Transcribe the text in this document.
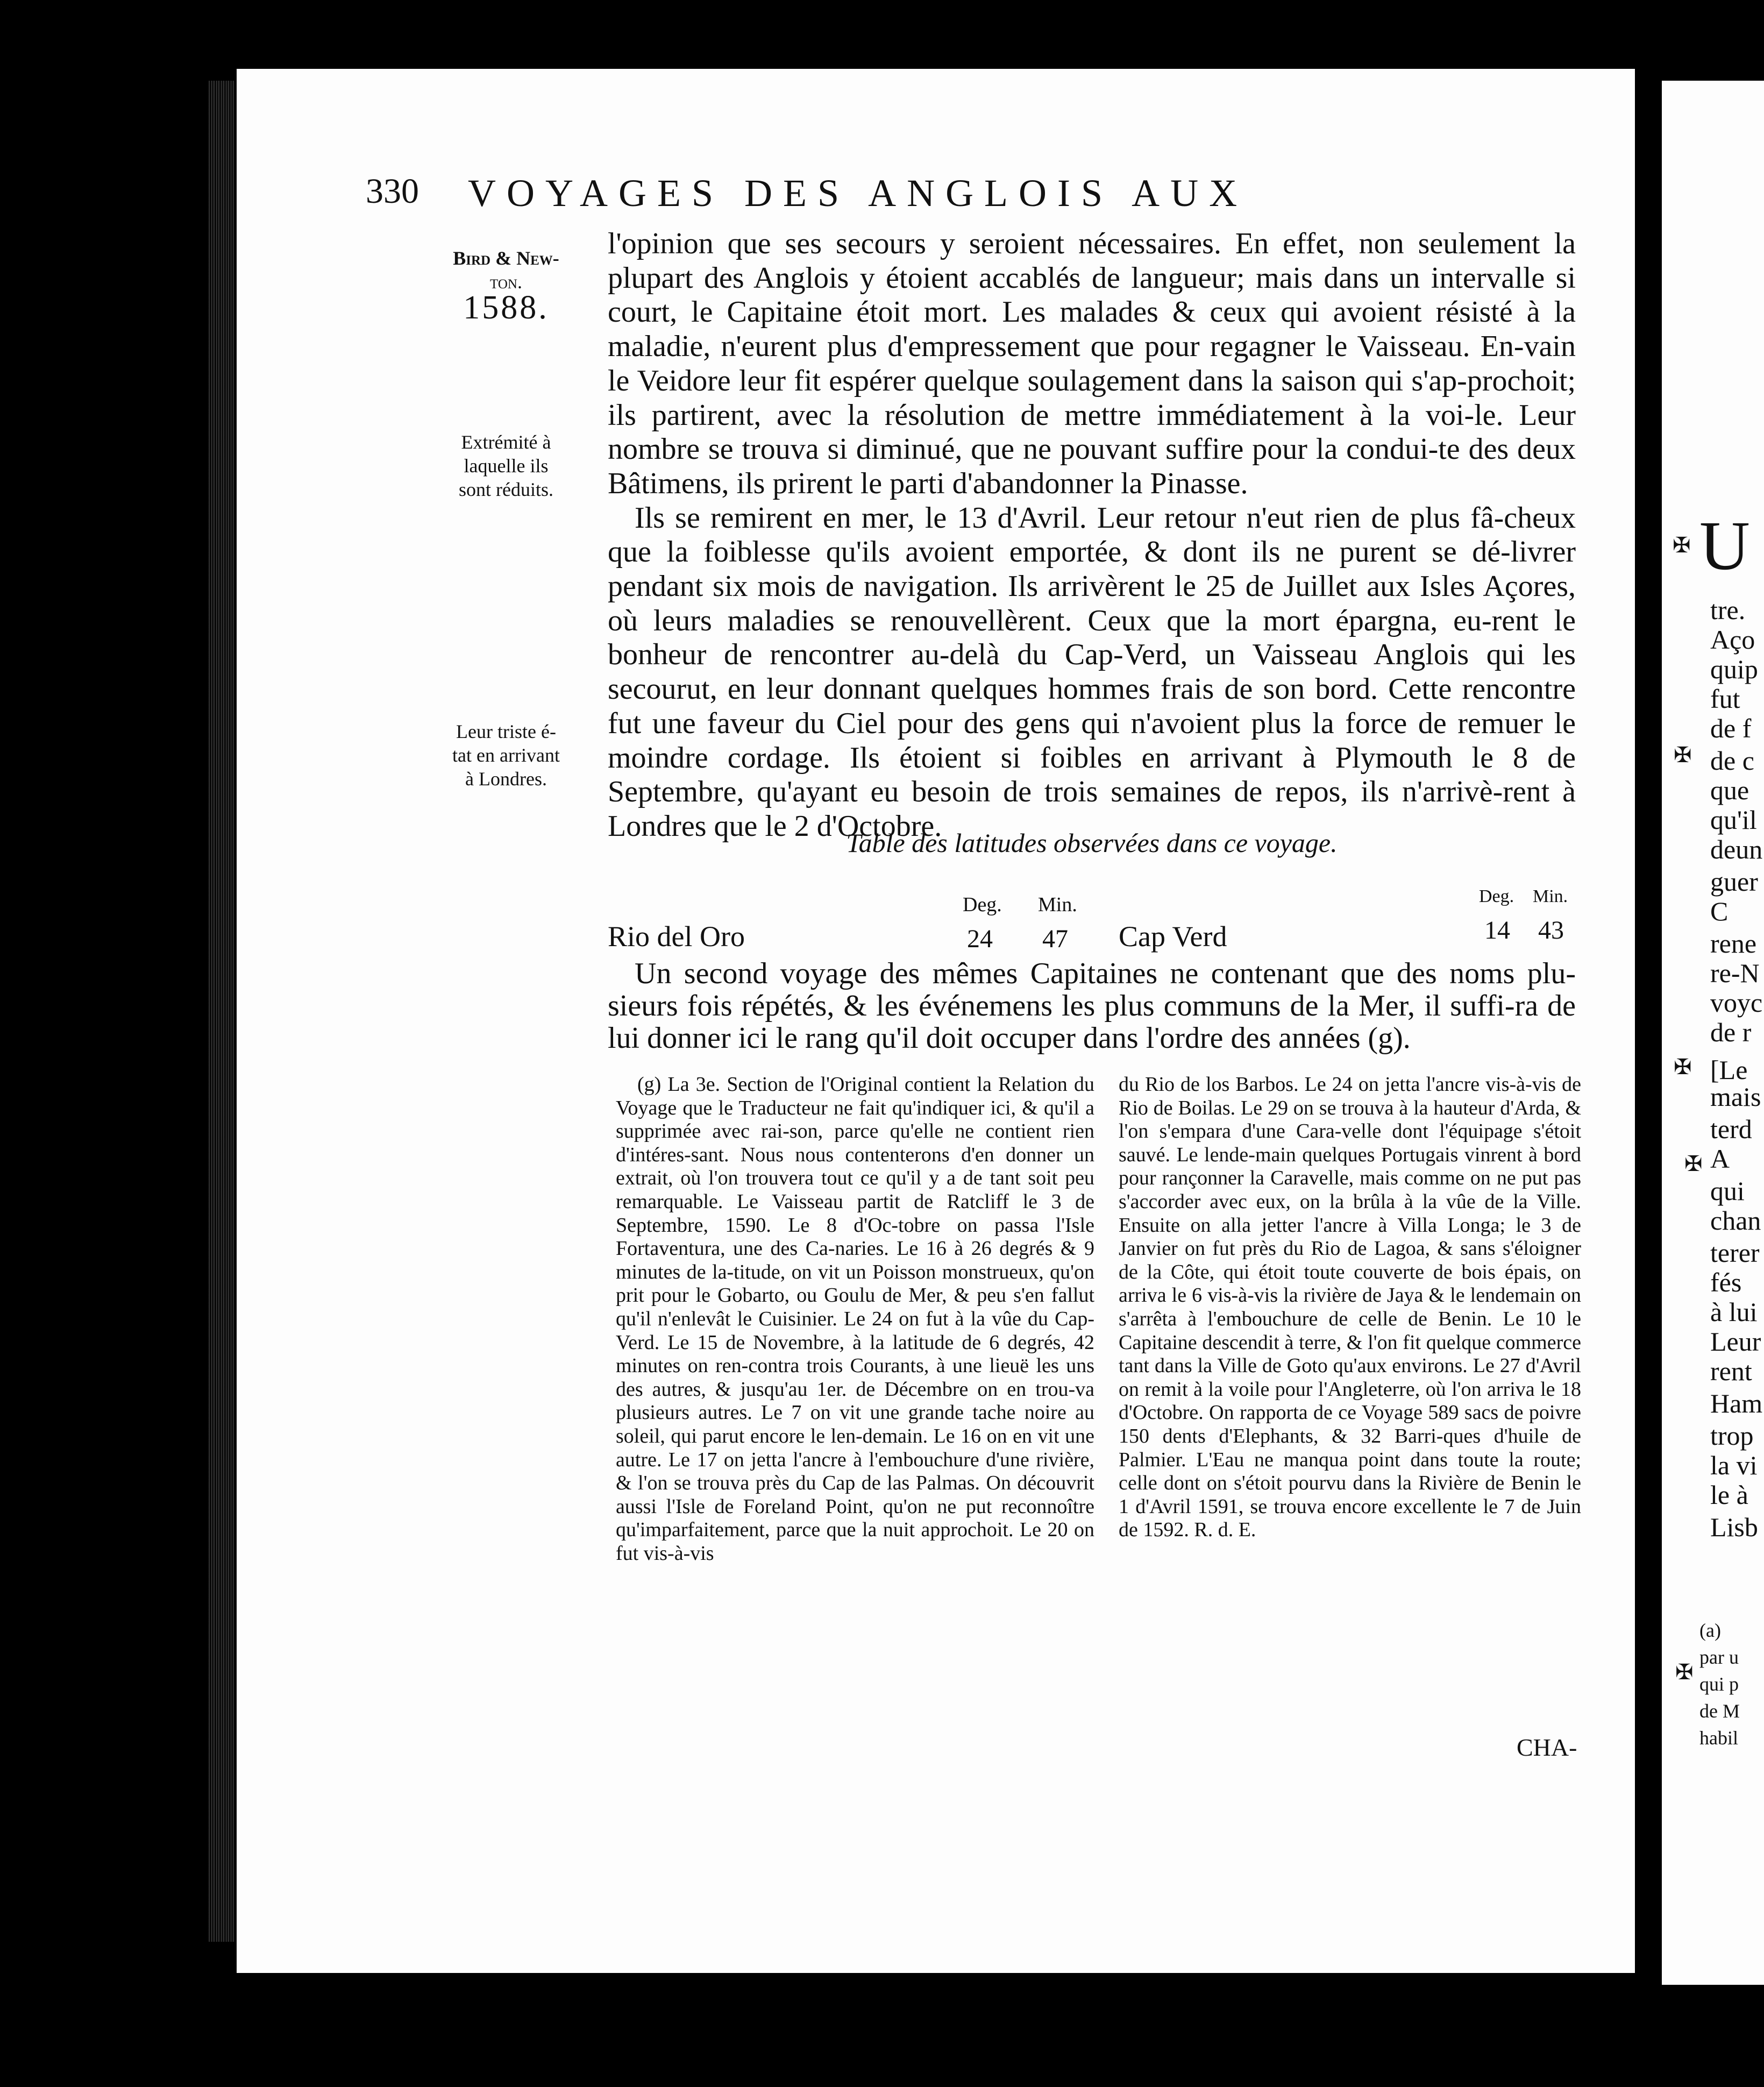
330 VOYAGES DES ANGLOIS AUX
Bird & New-
ton.
1588.
Extrémité à
laquelle ils
sont réduits.
Leur triste é-
tat en arrivant
à Londres.

l'opinion que ses secours y seroient nécessaires. En effet, non seulement la plupart des Anglois y étoient accablés de langueur; mais dans un intervalle si court, le Capitaine étoit mort. Les malades & ceux qui avoient résisté à la maladie, n'eurent plus d'empressement que pour regagner le Vaisseau. En-vain le Veidore leur fit espérer quelque soulagement dans la saison qui s'ap-prochoit; ils partirent, avec la résolution de mettre immédiatement à la voi-le. Leur nombre se trouva si diminué, que ne pouvant suffire pour la condui-te des deux Bâtimens, ils prirent le parti d'abandonner la Pinasse.

Ils se remirent en mer, le 13 d'Avril. Leur retour n'eut rien de plus fâ-cheux que la foiblesse qu'ils avoient emportée, & dont ils ne purent se dé-livrer pendant six mois de navigation. Ils arrivèrent le 25 de Juillet aux Isles Açores, où leurs maladies se renouvellèrent. Ceux que la mort épargna, eu-rent le bonheur de rencontrer au-delà du Cap-Verd, un Vaisseau Anglois qui les secourut, en leur donnant quelques hommes frais de son bord. Cette rencontre fut une faveur du Ciel pour des gens qui n'avoient plus la force de remuer le moindre cordage. Ils étoient si foibles en arrivant à Plymouth le 8 de Septembre, qu'ayant eu besoin de trois semaines de repos, ils n'arrivè-rent à Londres que le 2 d'Octobre.

Table des latitudes observées dans ce voyage.
Rio del Oro
Deg. Min.
24 47 Cap Verd
Deg. Min.
14 43

Un second voyage des mêmes Capitaines ne contenant que des noms plu-sieurs fois répétés, & les événemens les plus communs de la Mer, il suffi-ra de lui donner ici le rang qu'il doit occuper dans l'ordre des années (g).

(g) La 3e. Section de l'Original contient la Relation du Voyage que le Traducteur ne fait qu'indiquer ici, & qu'il a supprimée avec rai-son, parce qu'elle ne contient rien d'intéres-sant. Nous nous contenterons d'en donner un extrait, où l'on trouvera tout ce qu'il y a de tant soit peu remarquable. Le Vaisseau partit de Ratcliff le 3 de Septembre, 1590. Le 8 d'Oc-tobre on passa l'Isle Fortaventura, une des Ca-naries. Le 16 à 26 degrés & 9 minutes de la-titude, on vit un Poisson monstrueux, qu'on prit pour le Gobarto, ou Goulu de Mer, & peu s'en fallut qu'il n'enlevât le Cuisinier. Le 24 on fut à la vûe du Cap-Verd. Le 15 de Novembre, à la latitude de 6 degrés, 42 minutes on ren-contra trois Courants, à une lieuë les uns des autres, & jusqu'au 1er. de Décembre on en trou-va plusieurs autres. Le 7 on vit une grande tache noire au soleil, qui parut encore le len-demain. Le 16 on en vit une autre. Le 17 on jetta l'ancre à l'embouchure d'une rivière, & l'on se trouva près du Cap de las Palmas. On découvrit aussi l'Isle de Foreland Point, qu'on ne put reconnoître qu'imparfaitement, parce que la nuit approchoit. Le 20 on fut vis-à-vis

du Rio de los Barbos. Le 24 on jetta l'ancre vis-à-vis de Rio de Boilas. Le 29 on se trouva à la hauteur d'Arda, & l'on s'empara d'une Cara-velle dont l'équipage s'étoit sauvé. Le lende-main quelques Portugais vinrent à bord pour rançonner la Caravelle, mais comme on ne put pas s'accorder avec eux, on la brûla à la vûe de la Ville. Ensuite on alla jetter l'ancre à Villa Longa; le 3 de Janvier on fut près du Rio de Lagoa, & sans s'éloigner de la Côte, qui étoit toute couverte de bois épais, on arriva le 6 vis-à-vis la rivière de Jaya & le lendemain on s'arrêta à l'embouchure de celle de Benin. Le 10 le Capitaine descendit à terre, & l'on fit quelque commerce tant dans la Ville de Goto qu'aux environs. Le 27 d'Avril on remit à la voile pour l'Angleterre, où l'on arriva le 18 d'Octobre. On rapporta de ce Voyage 589 sacs de poivre 150 dents d'Elephants, & 32 Barri-ques d'huile de Palmier. L'Eau ne manqua point dans toute la route; celle dont on s'étoit pourvu dans la Rivière de Benin le 1 d'Avril 1591, se trouva encore excellente le 7 de Juin de 1592. R. d. E.

CHA-
✠
✠
✠
✠
✠
U
tre.
Aço
quip
fut
de f
de c
que
qu'il
deun
guer
C
rene
re-N
voyc
de r
[Le
mais
terd
A
qui
chan
terer
fés
à lui
Leur
rent
Ham
trop
la vi
le à
Lisb
(a)
par u
qui p
de M
habil
